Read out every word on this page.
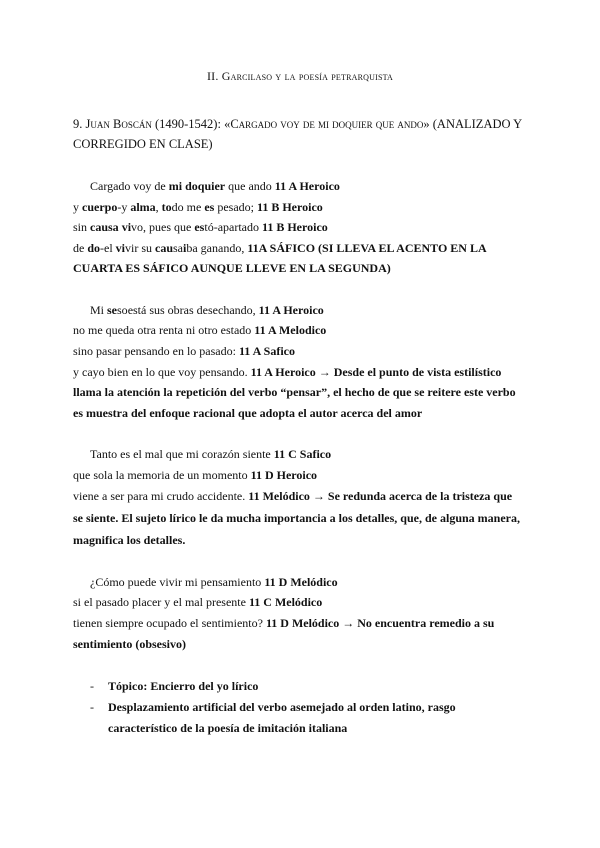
II. Garcilaso y la poesía petrarquista
9. Juan Boscán (1490-1542): «Cargado voy de mi doquier que ando» (ANALIZADO Y CORREGIDO EN CLASE)
Cargado voy de mi doquier que ando 11 A Heroico
y cuerpo-y alma, todo me es pesado; 11 B Heroico
sin causa vivo, pues que estó-apartado 11 B Heroico
de do-el vivir su causaiba ganando, 11A SÁFICO (SI LLEVA EL ACENTO EN LA
CUARTA ES SÁFICO AUNQUE LLEVE EN LA SEGUNDA)
Mi sesoestá sus obras desechando, 11 A Heroico
no me queda otra renta ni otro estado 11 A Melodico
sino pasar pensando en lo pasado: 11 A Safico
y cayo bien en lo que voy pensando. 11 A Heroico → Desde el punto de vista estilístico
llama la atención la repetición del verbo “pensar”, el hecho de que se reitere este verbo
es muestra del enfoque racional que adopta el autor acerca del amor
Tanto es el mal que mi corazón siente 11 C Safico
que sola la memoria de un momento 11 D Heroico
viene a ser para mi crudo accidente. 11 Melódico → Se redunda acerca de la tristeza que
se siente. El sujeto lírico le da mucha importancia a los detalles, que, de alguna manera,
magnifica los detalles.
¿Cómo puede vivir mi pensamiento 11 D Melódico
si el pasado placer y el mal presente 11 C Melódico
tienen siempre ocupado el sentimiento? 11 D Melódico → No encuentra remedio a su
sentimiento (obsesivo)
- Tópico: Encierro del yo lírico
- Desplazamiento artificial del verbo asemejado al orden latino, rasgo
característico de la poesía de imitación italiana
